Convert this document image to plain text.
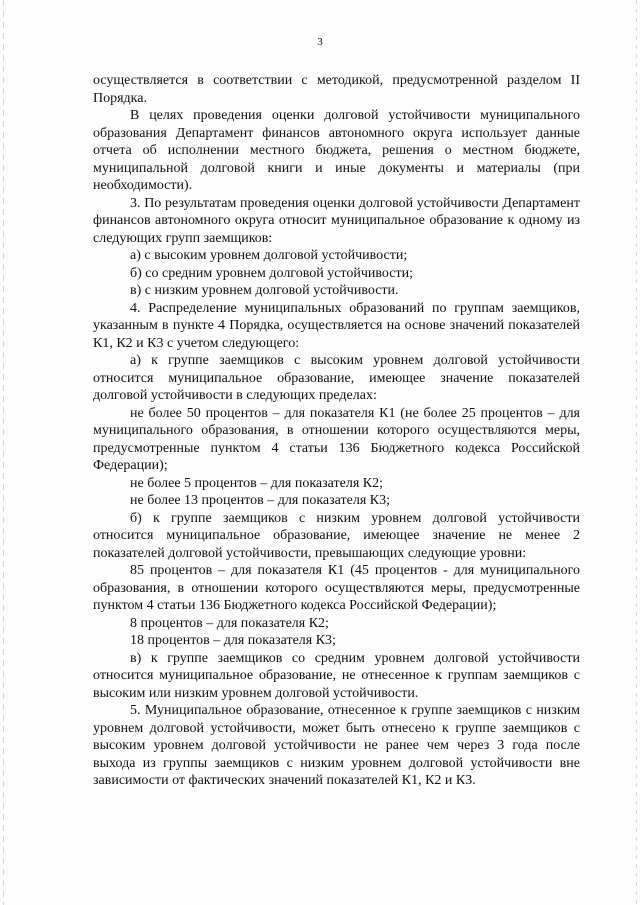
3

осуществляется в соответствии с методикой, предусмотренной разделом II Порядка.

В целях проведения оценки долговой устойчивости муниципального образования Департамент финансов автономного округа использует данные отчета об исполнении местного бюджета, решения о местном бюджете, муниципальной долговой книги и иные документы и материалы (при необходимости).

3. По результатам проведения оценки долговой устойчивости Департамент финансов автономного округа относит муниципальное образование к одному из следующих групп заемщиков:

а) с высоким уровнем долговой устойчивости;

б) со средним уровнем долговой устойчивости;

в) с низким уровнем долговой устойчивости.

4. Распределение муниципальных образований по группам заемщиков, указанным в пункте 4 Порядка, осуществляется на основе значений показателей К1, К2 и К3 с учетом следующего:

а) к группе заемщиков с высоким уровнем долговой устойчивости относится муниципальное образование, имеющее значение показателей долговой устойчивости в следующих пределах:

не более 50 процентов – для показателя К1 (не более 25 процентов – для муниципального образования, в отношении которого осуществляются меры, предусмотренные пунктом 4 статьи 136 Бюджетного кодекса Российской Федерации);

не более 5 процентов – для показателя К2;

не более 13 процентов – для показателя К3;

б) к группе заемщиков с низким уровнем долговой устойчивости относится муниципальное образование, имеющее значение не менее 2 показателей долговой устойчивости, превышающих следующие уровни:

85 процентов – для показателя К1 (45 процентов - для муниципального образования, в отношении которого осуществляются меры, предусмотренные пунктом 4 статьи 136 Бюджетного кодекса Российской Федерации);

8 процентов – для показателя К2;

18 процентов – для показателя К3;

в) к группе заемщиков со средним уровнем долговой устойчивости относится муниципальное образование, не отнесенное к группам заемщиков с высоким или низким уровнем долговой устойчивости.

5. Муниципальное образование, отнесенное к группе заемщиков с низким уровнем долговой устойчивости, может быть отнесено к группе заемщиков с высоким уровнем долговой устойчивости не ранее чем через 3 года после выхода из группы заемщиков с низким уровнем долговой устойчивости вне зависимости от фактических значений показателей К1, К2 и К3.
